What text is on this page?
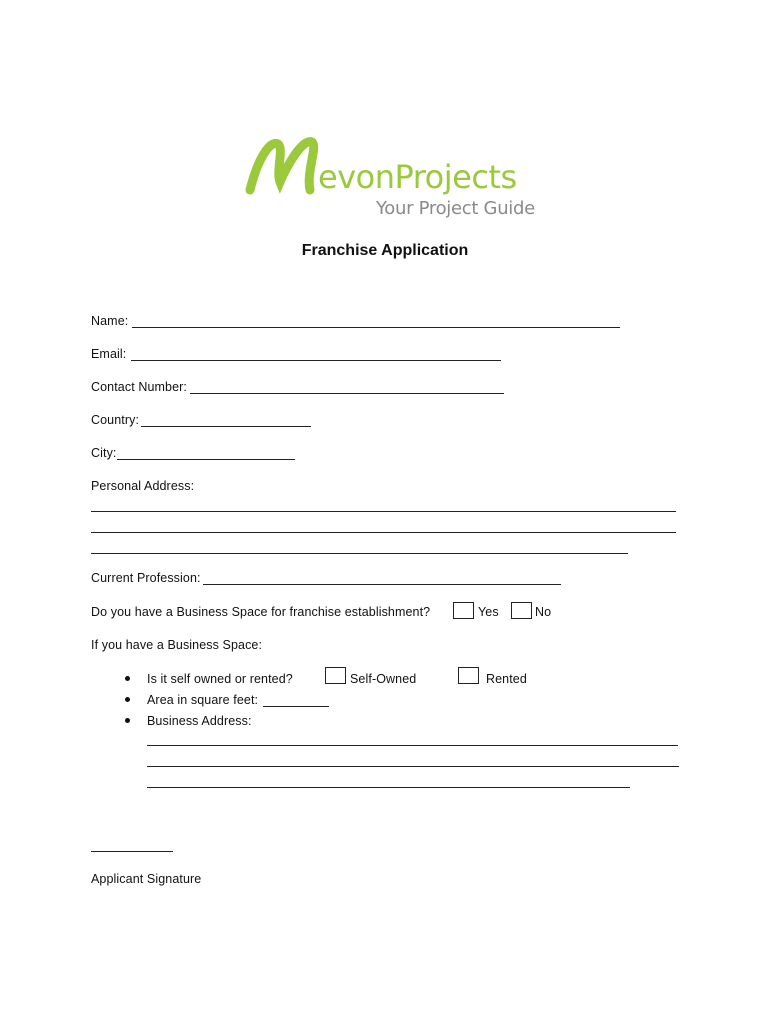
evonProjects
Your Project Guide
Franchise Application
Name:
Email:
Contact Number:
Country:
City:
Personal Address:
Current Profession:
Do you have a Business Space for franchise establishment?	Yes	No
If you have a Business Space:
Is it self owned or rented?	Self-Owned	Rented
Area in square feet:
Business Address:
Applicant Signature
